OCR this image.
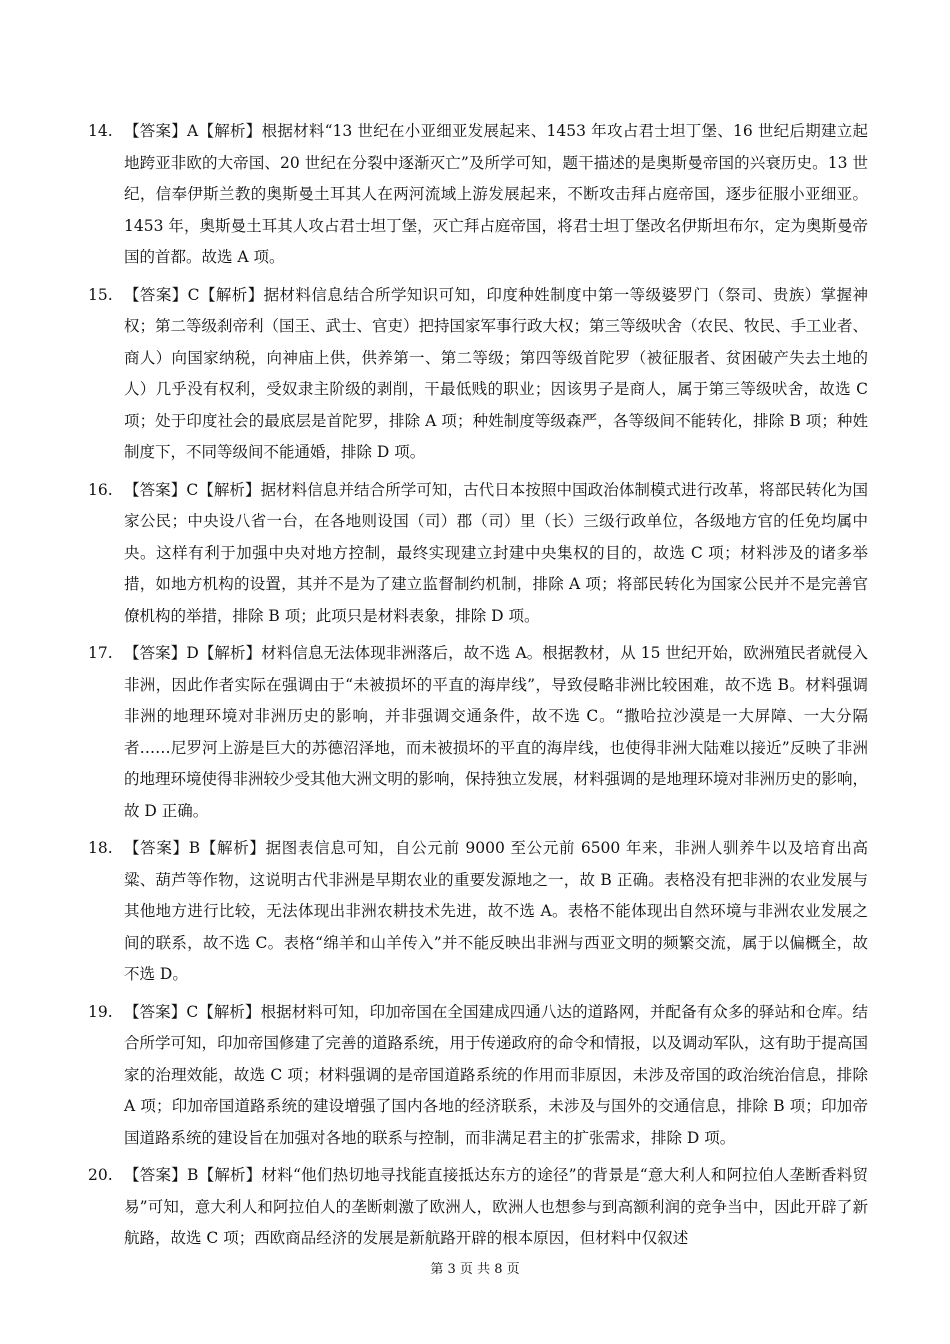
14. 【答案】A【解析】根据材料“13 世纪在小亚细亚发展起来、1453 年攻占君士坦丁堡、16 世纪后期建立起地跨亚非欧的大帝国、20 世纪在分裂中逐渐灭亡”及所学可知，题干描述的是奥斯曼帝国的兴衰历史。13 世纪，信奉伊斯兰教的奥斯曼土耳其人在两河流域上游发展起来，不断攻击拜占庭帝国，逐步征服小亚细亚。1453 年，奥斯曼土耳其人攻占君士坦丁堡，灭亡拜占庭帝国，将君士坦丁堡改名伊斯坦布尔，定为奥斯曼帝国的首都。故选 A 项。
15. 【答案】C【解析】据材料信息结合所学知识可知，印度种姓制度中第一等级婆罗门（祭司、贵族）掌握神权；第二等级刹帝利（国王、武士、官吏）把持国家军事行政大权；第三等级吠舍（农民、牧民、手工业者、商人）向国家纳税，向神庙上供，供养第一、第二等级；第四等级首陀罗（被征服者、贫困破产失去土地的人）几乎没有权利，受奴隶主阶级的剥削，干最低贱的职业；因该男子是商人，属于第三等级吠舍，故选 C 项；处于印度社会的最底层是首陀罗，排除 A 项；种姓制度等级森严，各等级间不能转化，排除 B 项；种姓制度下，不同等级间不能通婚，排除 D 项。
16. 【答案】C【解析】据材料信息并结合所学可知，古代日本按照中国政治体制模式进行改革，将部民转化为国家公民；中央设八省一台，在各地则设国（司）郡（司）里（长）三级行政单位，各级地方官的任免均属中央。这样有利于加强中央对地方控制，最终实现建立封建中央集权的目的，故选 C 项；材料涉及的诸多举措，如地方机构的设置，其并不是为了建立监督制约机制，排除 A 项；将部民转化为国家公民并不是完善官僚机构的举措，排除 B 项；此项只是材料表象，排除 D 项。
17. 【答案】D【解析】材料信息无法体现非洲落后，故不选 A。根据教材，从 15 世纪开始，欧洲殖民者就侵入非洲，因此作者实际在强调由于“未被损坏的平直的海岸线”，导致侵略非洲比较困难，故不选 B。材料强调非洲的地理环境对非洲历史的影响，并非强调交通条件，故不选 C。“撒哈拉沙漠是一大屏障、一大分隔者……尼罗河上游是巨大的苏德沼泽地，而未被损坏的平直的海岸线，也使得非洲大陆难以接近”反映了非洲的地理环境使得非洲较少受其他大洲文明的影响，保持独立发展，材料强调的是地理环境对非洲历史的影响，故 D 正确。
18. 【答案】B【解析】据图表信息可知，自公元前 9000 至公元前 6500 年来，非洲人驯养牛以及培育出高粱、葫芦等作物，这说明古代非洲是早期农业的重要发源地之一，故 B 正确。表格没有把非洲的农业发展与其他地方进行比较，无法体现出非洲农耕技术先进，故不选 A。表格不能体现出自然环境与非洲农业发展之间的联系，故不选 C。表格“绵羊和山羊传入”并不能反映出非洲与西亚文明的频繁交流，属于以偏概全，故不选 D。
19. 【答案】C【解析】根据材料可知，印加帝国在全国建成四通八达的道路网，并配备有众多的驿站和仓库。结合所学可知，印加帝国修建了完善的道路系统，用于传递政府的命令和情报，以及调动军队，这有助于提高国家的治理效能，故选 C 项；材料强调的是帝国道路系统的作用而非原因，未涉及帝国的政治统治信息，排除 A 项；印加帝国道路系统的建设增强了国内各地的经济联系，未涉及与国外的交通信息，排除 B 项；印加帝国道路系统的建设旨在加强对各地的联系与控制，而非满足君主的扩张需求，排除 D 项。
20. 【答案】B【解析】材料“他们热切地寻找能直接抵达东方的途径”的背景是“意大利人和阿拉伯人垄断香料贸易”可知，意大利人和阿拉伯人的垄断刺激了欧洲人，欧洲人也想参与到高额利润的竞争当中，因此开辟了新航路，故选 C 项；西欧商品经济的发展是新航路开辟的根本原因，但材料中仅叙述
第 3 页 共 8 页
